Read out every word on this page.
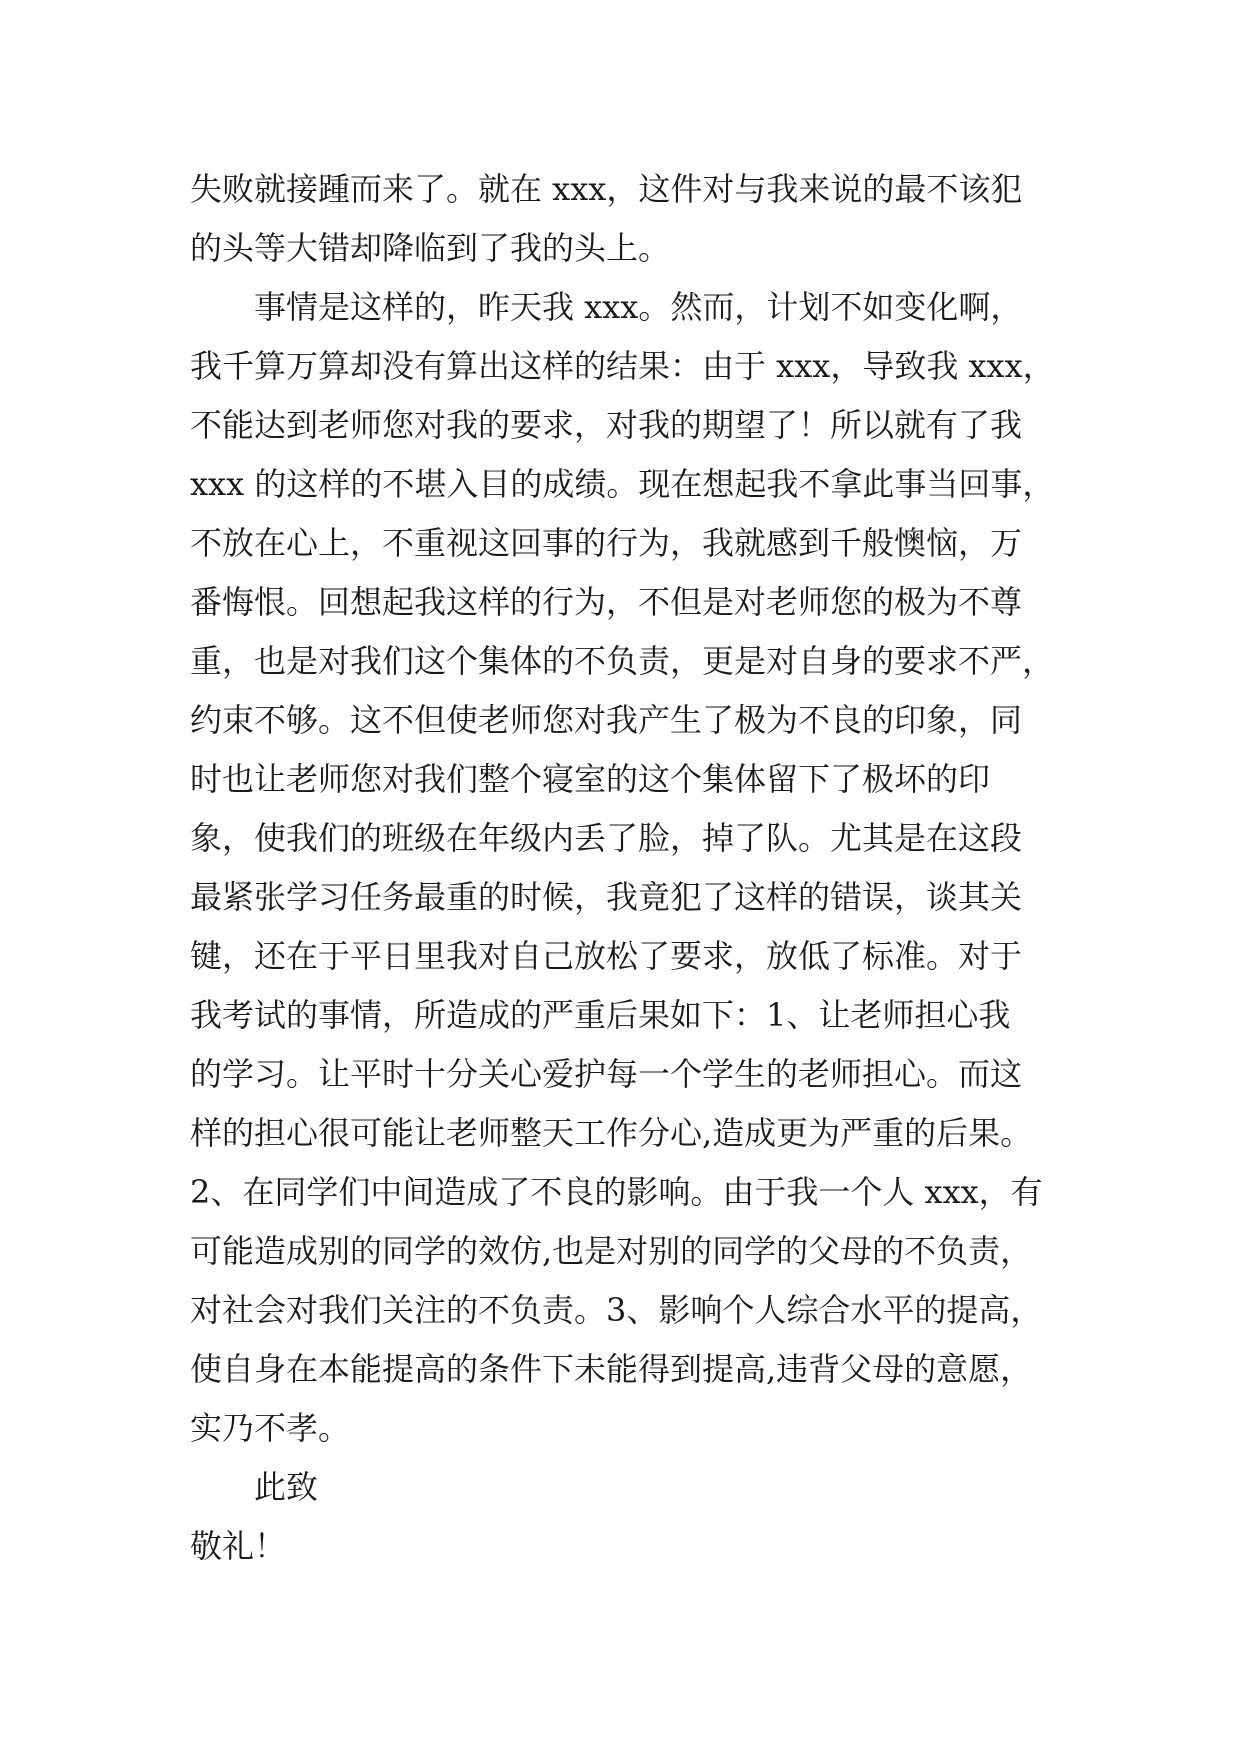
失败就接踵而来了。就在 xxx，这件对与我来说的最不该犯
的头等大错却降临到了我的头上。
事情是这样的，昨天我 xxx。然而，计划不如变化啊，
我千算万算却没有算出这样的结果：由于 xxx，导致我 xxx，
不能达到老师您对我的要求，对我的期望了！所以就有了我
xxx 的这样的不堪入目的成绩。现在想起我不拿此事当回事，
不放在心上，不重视这回事的行为，我就感到千般懊恼，万
番悔恨。回想起我这样的行为，不但是对老师您的极为不尊
重，也是对我们这个集体的不负责，更是对自身的要求不严，
约束不够。这不但使老师您对我产生了极为不良的印象，同
时也让老师您对我们整个寝室的这个集体留下了极坏的印
象，使我们的班级在年级内丢了脸，掉了队。尤其是在这段
最紧张学习任务最重的时候，我竟犯了这样的错误，谈其关
键，还在于平日里我对自己放松了要求，放低了标准。对于
我考试的事情，所造成的严重后果如下：1、让老师担心我
的学习。让平时十分关心爱护每一个学生的老师担心。而这
样的担心很可能让老师整天工作分心,造成更为严重的后果。
2、在同学们中间造成了不良的影响。由于我一个人 xxx，有
可能造成别的同学的效仿,也是对别的同学的父母的不负责，
对社会对我们关注的不负责。3、影响个人综合水平的提高，
使自身在本能提高的条件下未能得到提高,违背父母的意愿，
实乃不孝。
此致
敬礼！
